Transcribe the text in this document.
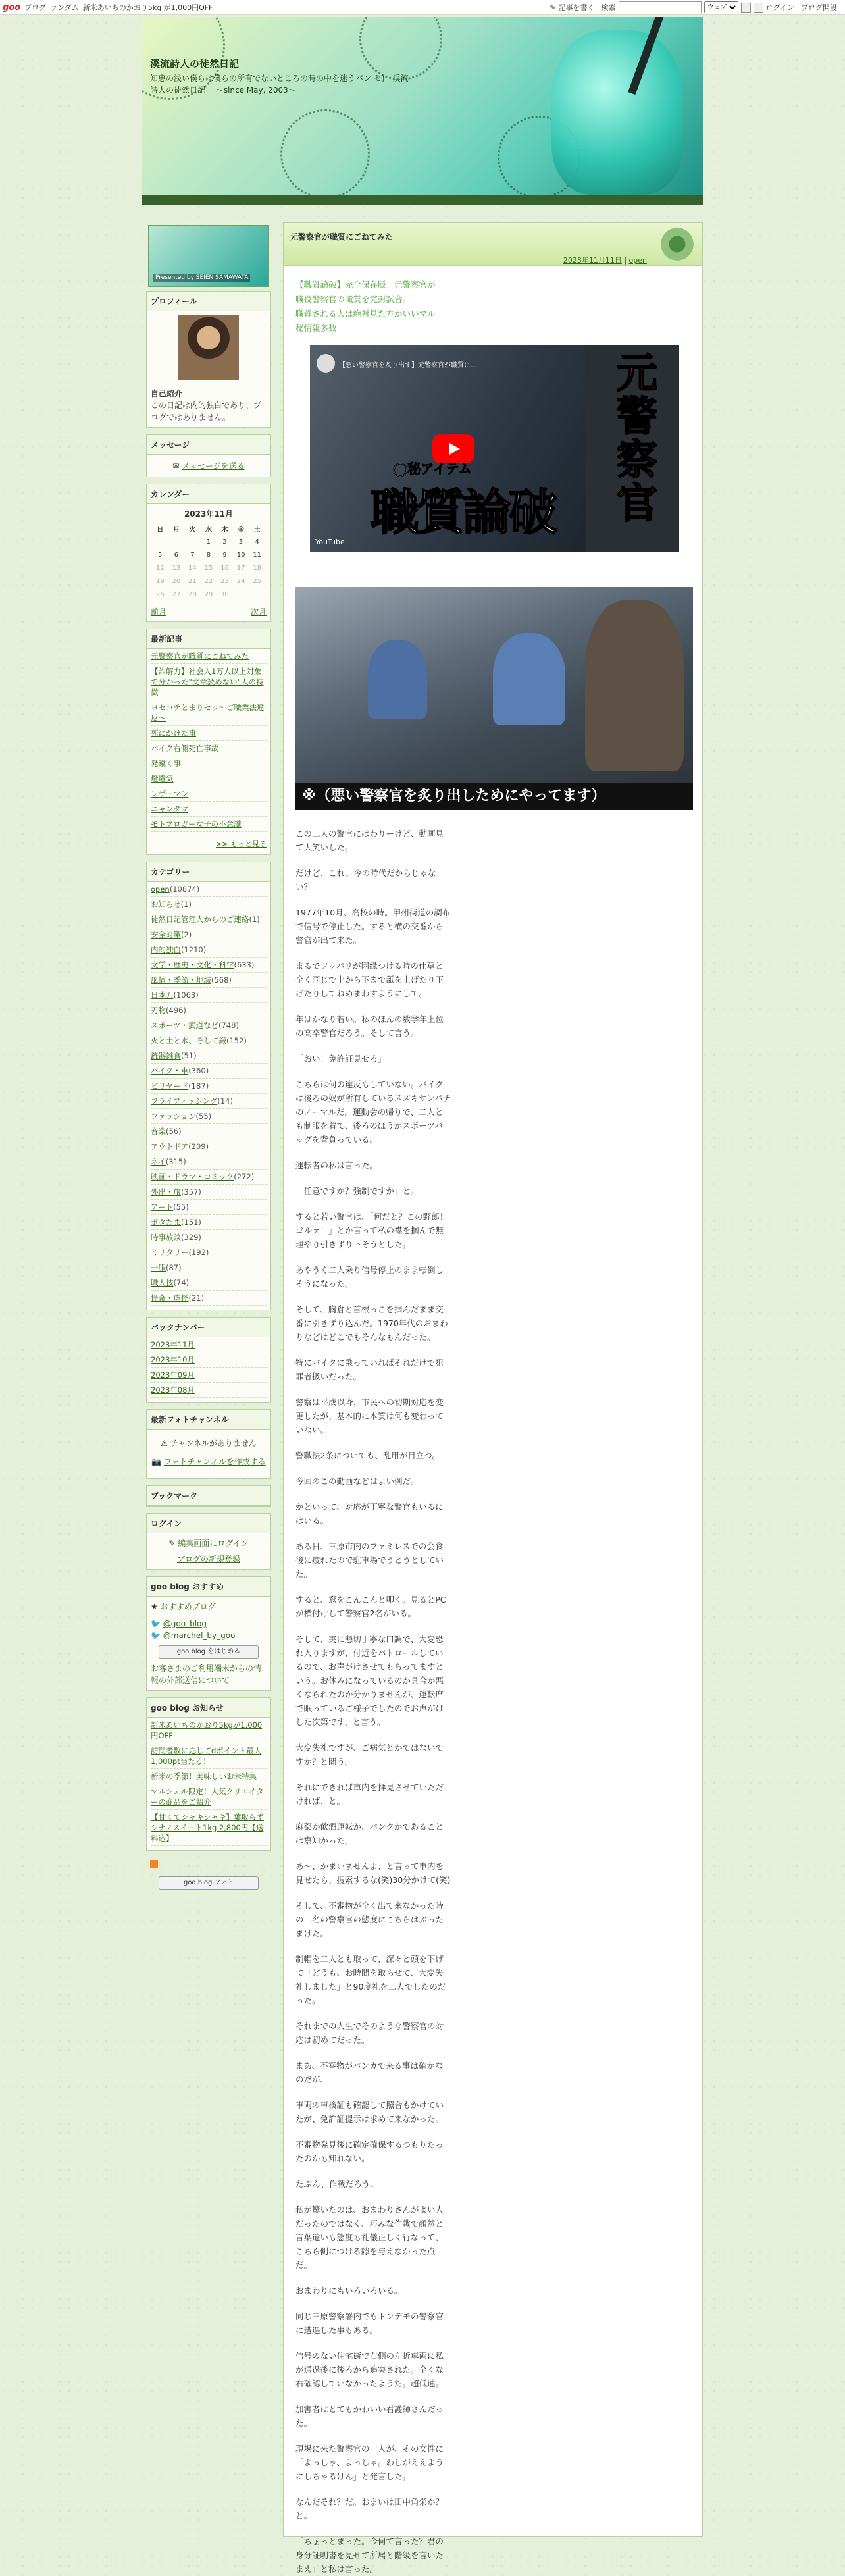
goo ブログ ランダム 新米あいちのかおり5kg が1,000円OFF	✎ 記事を書く 検索
ウェブ	ログイン ブログ開設
溪流詩人の徒然日記
知恵の浅い僕らは僕らの所有でないところの時の中を迷うパン セ)　渓流詩人の徒然日記　 〜since May, 2003〜
Presented by SEIEN SAMAWATA
プロフィール
自己紹介
この日記は内的独白であり、ブログではありません。
メッセージ
✉ メッセージを送る
カレンダー
2023年11月
日	月	火	水	木	金	土
			1	2	3	4
5	6	7	8	9	10	11
12	13	14	15	16	17	18
19	20	21	22	23	24	25
26	27	28	29	30		
前月	次月
最新記事
元警察官が職質にごねてみた
【詐解力】社会人1万人以上対象で分かった"文章読めない"人の特徴
ヨセコテとまりセッ〜ご職業法違反〜
死にかけた事
バイク右側死亡事故
発蹴く事
燈燈気
レザーマン
ニャンタマ
モトブロガー女子の不意識
>> もっと見る
カテゴリー
open(10874)
お知らせ(1)
徒然日記管理人からのご連絡(1)
安全対策(2)
内的独白(1210)
文学・歴史・文化・科学(633)
風情・季節・地域(568)
日本刀(1063)
刃物(496)
スポーツ・武道など(748)
火と土と水、そして鍛(152)
銃器雑食(51)
バイク・車(360)
ビリヤード(187)
フライフィッシング(14)
ファッション(55)
音楽(56)
アウトドア(209)
ネイ(315)
映画・ドラマ・コミック(272)
外出・旅(357)
アート(55)
ボタたま(151)
時事放談(329)
ミリタリー(192)
一服(87)
職人技(74)
怪奇・虐怪(21)
バックナンバー
2023年11月
2023年10月
2023年09月
2023年08月
最新フォトチャンネル
⚠ チャンネルがありません
📷 フォトチャンネルを作成する
ブックマーク
ログイン
✎ 編集画面にログイン
ブログの新規登録
goo blog おすすめ
★ おすすめブログ
🐦 @goo_blog
🐦 @marchel_by_goo
goo blog をはじめる
お客さまのご利用端末からの情報の外部送信について
goo blog お知らせ
新米あいちのかおり5kgが1,000円OFF
訪問者数に応じてdポイント最大1,000pt当たる！
新米の季節！美味しいお米特集
マルシェル限定！人気クリエイターの商品をご紹介
【甘くてシャキシャキ】葉取らずシナノスイート1kg 2,800円【送料込】
goo blog フォト
元警察官が職質にごねてみた
2023年11月11日 | open
【職質論破】完全保存版！元警察官が
職役警察官の職質を完封試合。
職質される人は絶対見た方がいいマル
秘情報多数
【悪い警察官を炙り出す】元警察官が職質に...
◯秘アイテム
職質論破
元警察官
YouTube
※（悪い警察官を炙り出しためにやってます）

この二人の警官にはわりーけど、動画見て大笑いした。

だけど、これ、今の時代だからじゃない？

1977年10月、高校の時。甲州街道の調布で信号で停止した。すると横の交番から警官が出て来た。

まるでツッパリが因縁つける時の仕草と全く同じで上から下まで舐を上げたり下げたりしてねめまわすようにして。

年はかなり若い。私のほんの数学年上位の高卒警官だろう。そして言う。

「おい！免許証見せろ」

こちらは何の違反もしていない。バイクは後ろの奴が所有しているスズキサンパチのノーマルだ。運動会の帰りで、二人とも制服を着て、後ろのほうがスポーツバッグを背負っている。

運転者の私は言った。

「任意ですか？強制ですか」と。

すると若い警官は、「何だと？この野郎！ゴルァ！」とか言って私の襟を掴んで無理やり引きずり下そうとした。

あやうく二人乗り信号停止のまま転倒しそうになった。

そして、胸倉と首根っこを掴んだまま交番に引きずり込んだ。1970年代のおまわりなどはどこでもそんなもんだった。

特にバイクに乗っていればそれだけで犯罪者扱いだった。

警察は平成以降、市民への初期対応を変更したが、基本的に本質は何も変わっていない。

警職法2条についても、乱用が目立つ。

今回のこの動画などはよい例だ。

かといって、対応が丁寧な警官もいるにはいる。

ある日、三原市内のファミレスでの会食後に疲れたので駐車場でうとうとしていた。

すると、窓をこんこんと叩く。見るとPCが横付けして警察官2名がいる。

そして、実に懇切丁寧な口調で、大変恐れ入りますが、付近をパトロールしているので、お声がけさせてもらってますという。お休みになっているのか具合が悪くなられたのか分かりませんが、運転席で眠っているご様子でしたのでお声がけした次第です、と言う。

大変失礼ですが、ご病気とかではないですか？と問う。

それにできれば車内を拝見させていただければ、と。

麻薬か飲酒運転か、パンクかであることは察知かった。

あ〜、かまいませんよ、と言って車内を見せたら、捜索するな(笑)30分かけて(笑)

そして、不審物が全く出て来なかった時の二名の警察官の態度にこちらはぶったまげた。

制帽を二人とも取って、深々と頭を下げて「どうも、お時間を取らせて、大変失礼しました」と90度礼を二人でしたのだった。

それまでの人生でそのような警察官の対応は初めてだった。

まあ、不審物がバンカで来る事は確かなのだが、

車両の車検証も確認して照合もかけていたが、免許証提示は求めて来なかった。

不審物発見後に確定確保するつもりだったのかも知れない。

たぶん、作戦だろう。

私が驚いたのは、おまわりさんがよい人だったのではなく、巧みな作戦で顔然と言葉遣いも態度も礼儀正しく行なって、こちら側につける隙を与えなかった点だ。

おまわりにもいろいろいる。

同じ三原警察署内でもトンデモの警察官に遭遇した事もある。

信号のない住宅街で右側の左折車両に私が通過後に後ろから追突された。全くな右確認していなかったようだ。超低速。

加害者はとてもかわいい看護師さんだった。

現場に来た警察官の一人が、その女性に「よっしゃ、よっしゃ。わしがええようにしちゃるけん」と発言した。

なんだそれ？だ。おまいは田中角栄か？と。

「ちょっとまった。今何て言った？君の身分証明書を見せて所属と階級を言いたまえ」と私は言った。
